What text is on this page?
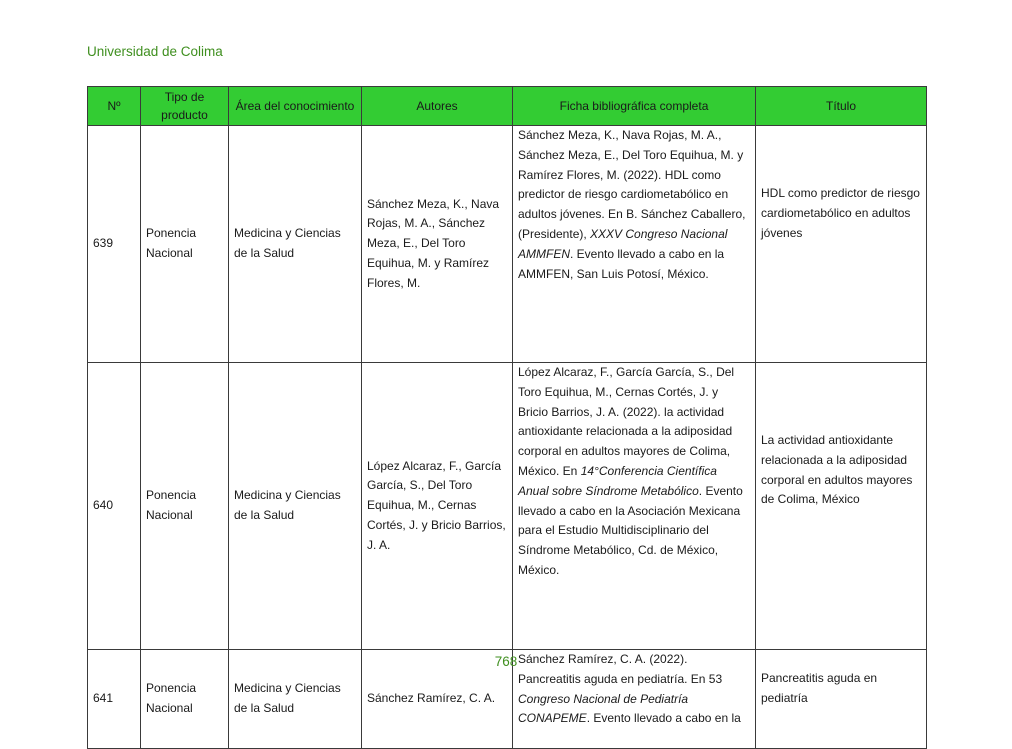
Universidad de Colima
Nº	Tipo de producto	Área del conocimiento	Autores	Ficha bibliográfica completa	Título
639	Ponencia Nacional	Medicina y Ciencias de la Salud	Sánchez Meza, K., Nava Rojas, M. A., Sánchez Meza, E., Del Toro Equihua, M. y Ramírez Flores, M.	Sánchez Meza, K., Nava Rojas, M. A., Sánchez Meza, E., Del Toro Equihua, M. y Ramírez Flores, M. (2022). HDL como predictor de riesgo cardiometabólico en adultos jóvenes. En B. Sánchez Caballero, (Presidente), XXXV Congreso Nacional AMMFEN. Evento llevado a cabo en la AMMFEN, San Luis Potosí, México.	HDL como predictor de riesgo cardiometabólico en adultos jóvenes
640	Ponencia Nacional	Medicina y Ciencias de la Salud	López Alcaraz, F., García García, S., Del Toro Equihua, M., Cernas Cortés, J. y Bricio Barrios, J. A.	López Alcaraz, F., García García, S., Del Toro Equihua, M., Cernas Cortés, J. y Bricio Barrios, J. A. (2022). la actividad antioxidante relacionada a la adiposidad corporal en adultos mayores de Colima, México. En 14°Conferencia Científica Anual sobre Síndrome Metabólico. Evento llevado a cabo en la Asociación Mexicana para el Estudio Multidisciplinario del Síndrome Metabólico, Cd. de México, México.	La actividad antioxidante relacionada a la adiposidad corporal en adultos mayores de Colima, México
641	Ponencia Nacional	Medicina y Ciencias de la Salud	Sánchez Ramírez, C. A.	Sánchez Ramírez, C. A. (2022). Pancreatitis aguda en pediatría. En 53 Congreso Nacional de Pediatría CONAPEME. Evento llevado a cabo en la	Pancreatitis aguda en pediatría
768
